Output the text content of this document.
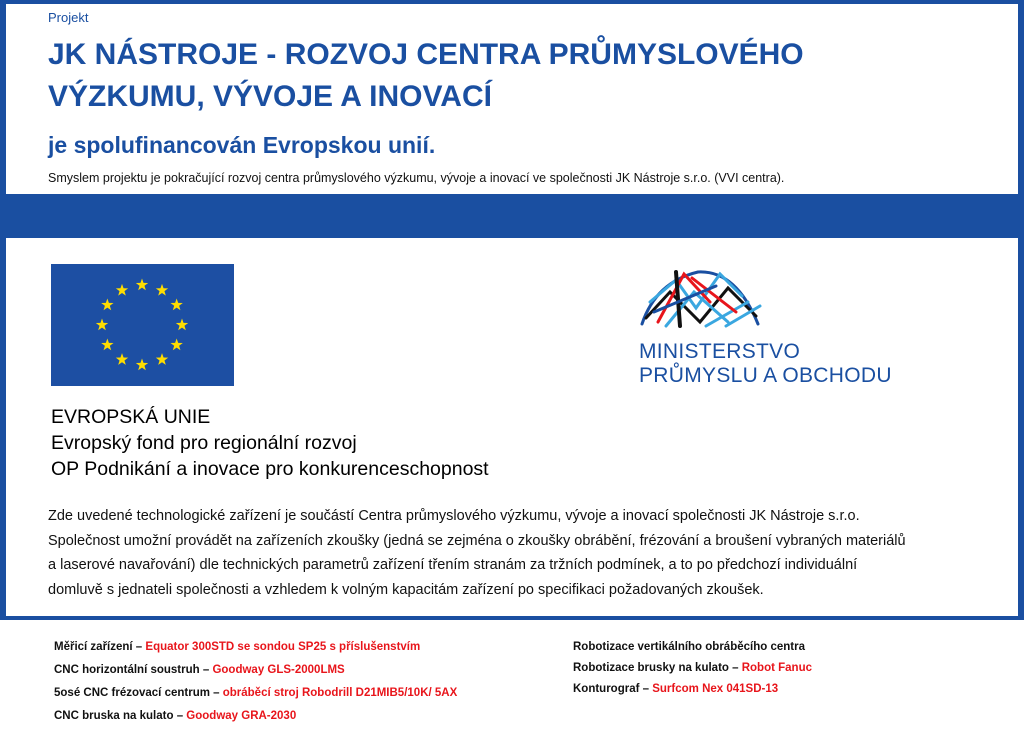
Projekt
JK NÁSTROJE - ROZVOJ CENTRA PRŮMYSLOVÉHO
VÝZKUMU, VÝVOJE A INOVACÍ
je spolufinancován Evropskou unií.
Smyslem projektu je pokračující rozvoj centra průmyslového výzkumu, vývoje a inovací ve společnosti JK Nástroje s.r.o. (VVI centra).
EVROPSKÁ UNIE
Evropský fond pro regionální rozvoj
OP Podnikání a inovace pro konkurenceschopnost
MINISTERSTVO
PRŮMYSLU A OBCHODU
Zde uvedené technologické zařízení je součástí Centra průmyslového výzkumu, vývoje a inovací společnosti JK Nástroje s.r.o.
Společnost umožní provádět na zařízeních zkoušky (jedná se zejména o zkoušky obrábění, frézování a broušení vybraných materiálů
a laserové navařování) dle technických parametrů zařízení třením stranám za tržních podmínek, a to po předchozí individuální
domluvě s jednateli společnosti a vzhledem k volným kapacitám zařízení po specifikaci požadovaných zkoušek.
Měřicí zařízení – Equator 300STD se sondou SP25 s příslušenstvím
CNC horizontální soustruh – Goodway GLS-2000LMS
5osé CNC frézovací centrum – obráběcí stroj Robodrill D21MIB5/10K/ 5AX
CNC bruska na kulato – Goodway GRA-2030
Robotizace vertikálního obráběcího centra
Robotizace brusky na kulato – Robot Fanuc
Konturograf – Surfcom Nex 041SD-13
